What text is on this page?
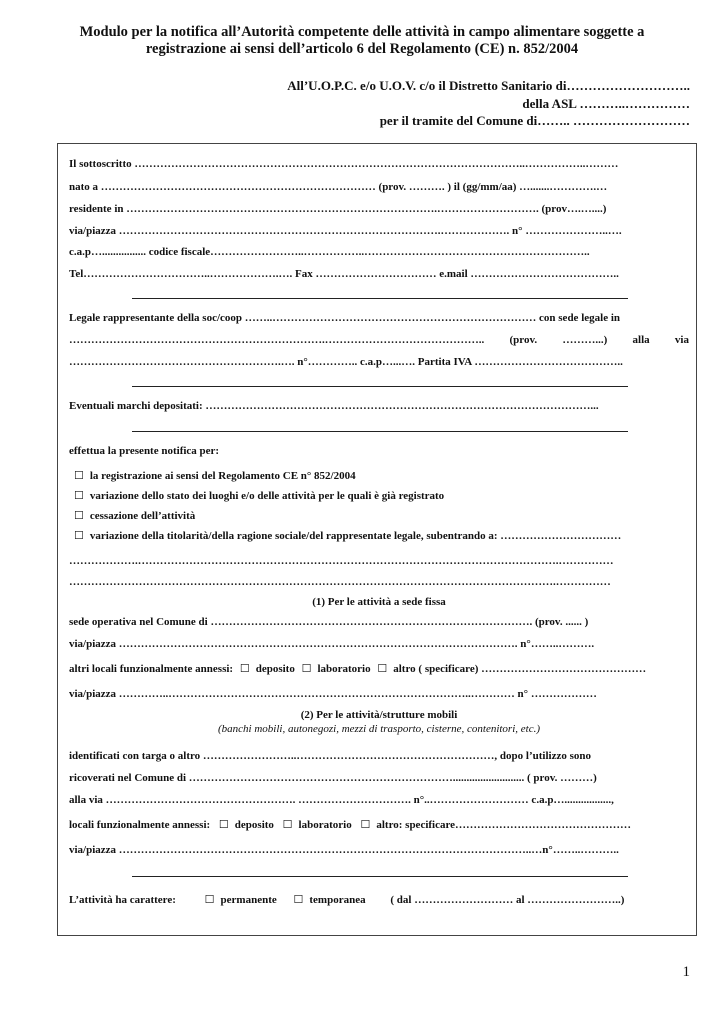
Modulo per la notifica all’Autorità competente delle attività in campo alimentare soggette a
registrazione ai sensi dell’articolo 6 del Regolamento (CE) n. 852/2004
All’U.O.P.C. e/o U.O.V. c/o il Distretto Sanitario di………………………..
della ASL ………..……………
per il tramite del Comune di…….. ………………………
Il sottoscritto ……………………………………………………………………………………………..……………..………
nato a ………………………………………………………………… (prov. ………. ) il (gg/mm/aa) ….......………….…
residente in ………………………………………………………………………….………………………. (prov….…....)
via/piazza …………………………………………………………………………….………………. n° …………………..….
c.a.p…................ codice fiscale……………………..……………..……………………………………………………..
Tel……………………………..……………….…. Fax …………………………… e.mail …………………………………..
Legale rappresentante della soc/coop ……..……………………………………………………………… con sede legale in
…………………………………………………………….…………………………………….. (prov. ………...) alla via
………………………………………………….…. n°………….. c.a.p…...…. Partita IVA …………………………………..
Eventuali marchi depositati: ……………………………………………………………………………………………...
effettua la presente notifica per:
☐ la registrazione ai sensi del Regolamento CE n° 852/2004
☐ variazione dello stato dei luoghi e/o delle attività per le quali è già registrato
☐ cessazione dell’attività
☐ variazione della titolarità/della ragione sociale/del rappresentate legale, subentrando a: ……………………………
……………….…………………………………………………………………………………………………….……………
…………………………………………………………………………………………………………………….……………
(1) Per le attività a sede fissa
sede operativa nel Comune di ……………………………………………………………………………. (prov. ...... )
via/piazza ………………………………………………………………………………………………. n°……..……….
altri locali funzionalmente annessi: ☐ deposito ☐ laboratorio ☐ altro ( specificare) ………………………………………
via/piazza …………..………………………………………………………………………..………… n° ………………
(2) Per le attività/strutture mobili
(banchi mobili, autonegozi, mezzi di trasporto, cisterne, contenitori, etc.)
identificati con targa o altro ……………………..………………………………………………, dopo l’utilizzo sono
ricoverati nel Comune di ……………………………………………………………….......................... ( prov. ………)
alla via ……………………………………………. …………………………. n°..……………………… c.a.p….................,
locali funzionalmente annessi: ☐ deposito ☐ laboratorio ☐ altro: specificare…………………………………………
via/piazza …………………………………………………………………………………………………..…n°……..………..
L’attività ha carattere:	☐ permanente ☐ temporanea ( dal ……………………… al ……………………..)
1
